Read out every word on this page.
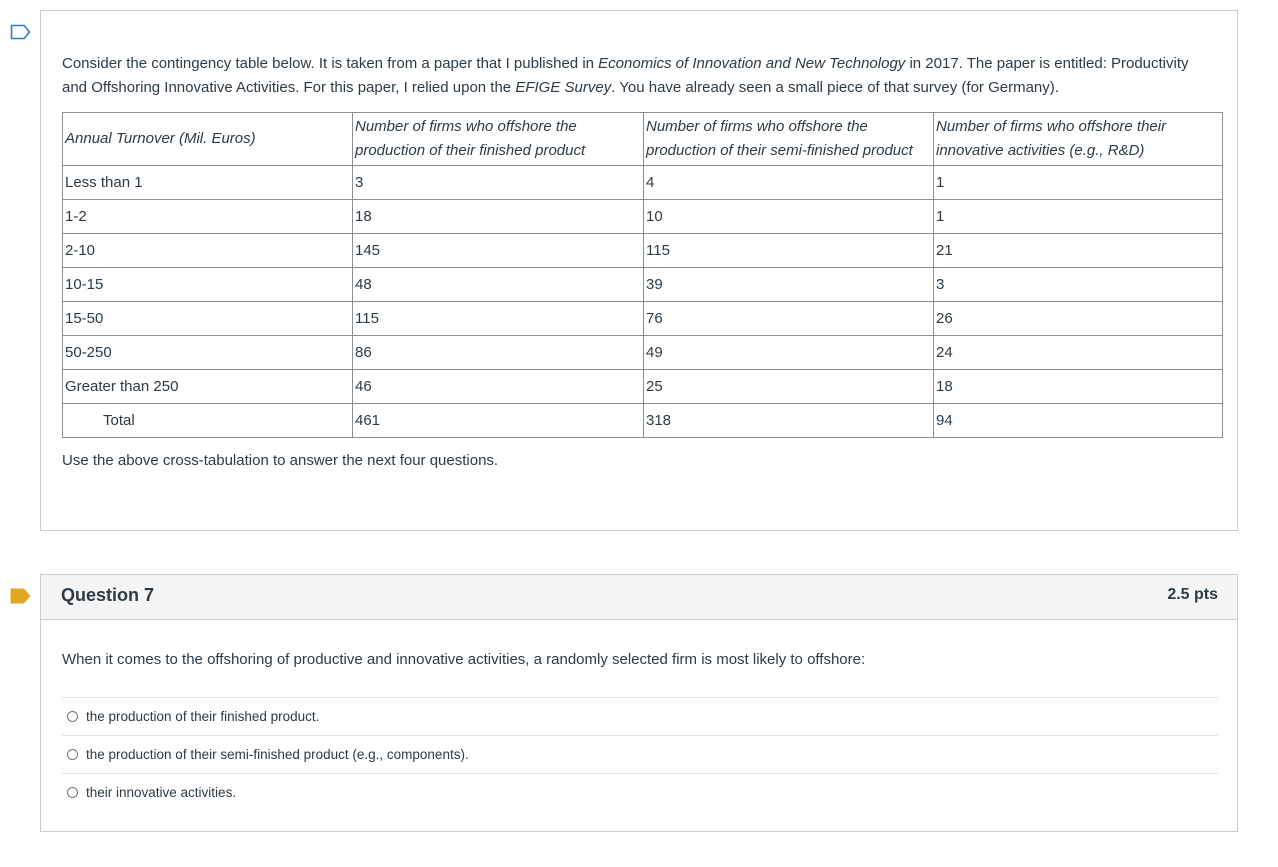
Consider the contingency table below. It is taken from a paper that I published in Economics of Innovation and New Technology in 2017. The paper is entitled: Productivity and Offshoring Innovative Activities. For this paper, I relied upon the EFIGE Survey. You have already seen a small piece of that survey (for Germany).

Annual Turnover (Mil. Euros)	Number of firms who offshore the production of their finished product	Number of firms who offshore the production of their semi-finished product	Number of firms who offshore their innovative activities (e.g., R&D)
Less than 1	3	4	1
1-2	18	10	1
2-10	145	115	21
10-15	48	39	3
15-50	115	76	26
50-250	86	49	24
Greater than 250	46	25	18
Total	461	318	94

Use the above cross-tabulation to answer the next four questions.

Question 7	2.5 pts

When it comes to the offshoring of productive and innovative activities, a randomly selected firm is most likely to offshore:

the production of their finished product.
the production of their semi-finished product (e.g., components).
their innovative activities.
